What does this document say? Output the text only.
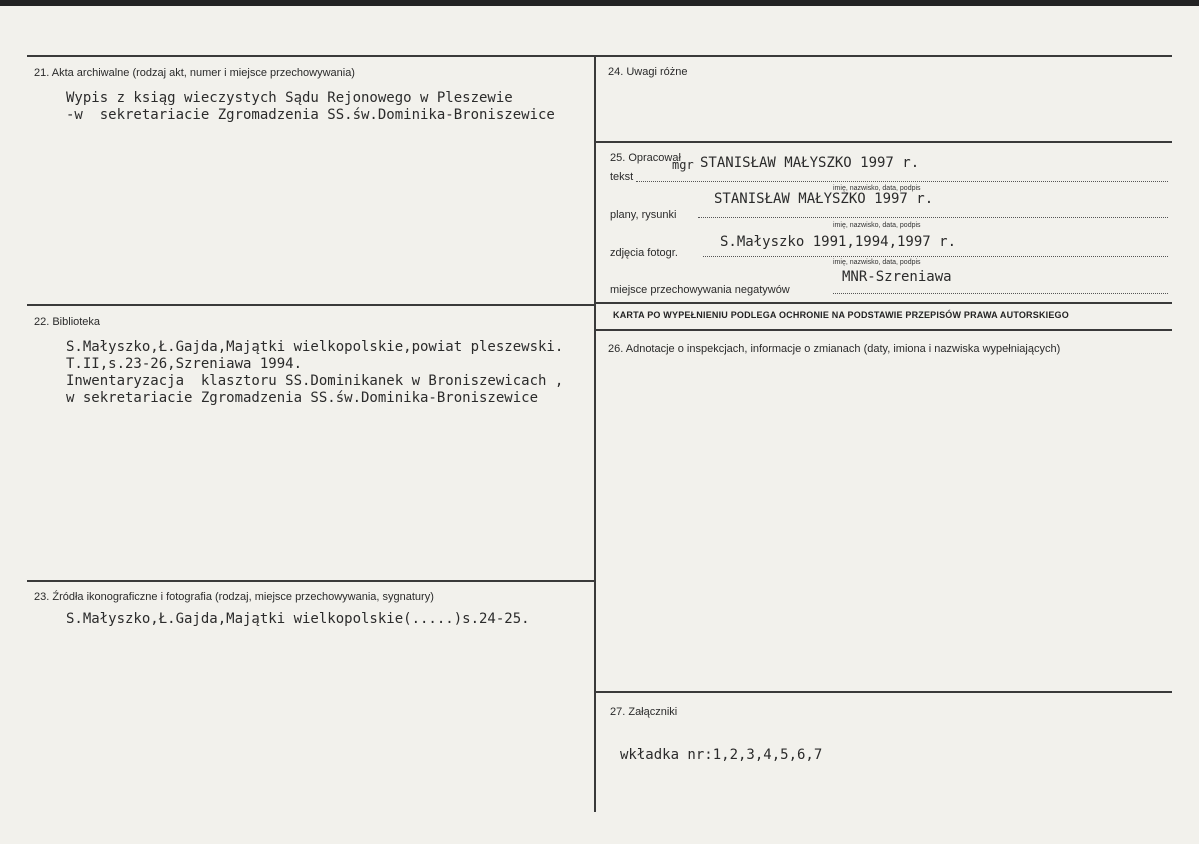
21. Akta archiwalne (rodzaj akt, numer i miejsce przechowywania)
Wypis z ksiąg wieczystych Sądu Rejonowego w Pleszewie
-w  sekretariacie Zgromadzenia SS.św.Dominika-Broniszewice
22. Biblioteka
S.Małyszko,Ł.Gajda,Majątki wielkopolskie,powiat pleszewski.
T.II,s.23-26,Szreniawa 1994.
Inwentaryzacja  klasztoru SS.Dominikanek w Broniszewicach ,
w sekretariacie Zgromadzenia SS.św.Dominika-Broniszewice
23. Źródła ikonograficzne i fotografia (rodzaj, miejsce przechowywania, sygnatury)
S.Małyszko,Ł.Gajda,Majątki wielkopolskie(.....)s.24-25.
24. Uwagi różne
25. Opracował
mgr STANISŁAW MAŁYSZKO 1997 r.
tekst
imię, nazwisko, data, podpis
STANISŁAW MAŁYSZKO 1997 r.
plany, rysunki
imię, nazwisko, data, podpis
S.Małyszko 1991,1994,1997 r.
zdjęcia fotogr.
imię, nazwisko, data, podpis
MNR-Szreniawa
miejsce przechowywania negatywów
KARTA PO WYPEŁNIENIU PODLEGA OCHRONIE NA PODSTAWIE PRZEPISÓW PRAWA AUTORSKIEGO
26. Adnotacje o inspekcjach, informacje o zmianach (daty, imiona i nazwiska wypełniających)
27. Załączniki
wkładka nr:1,2,3,4,5,6,7
